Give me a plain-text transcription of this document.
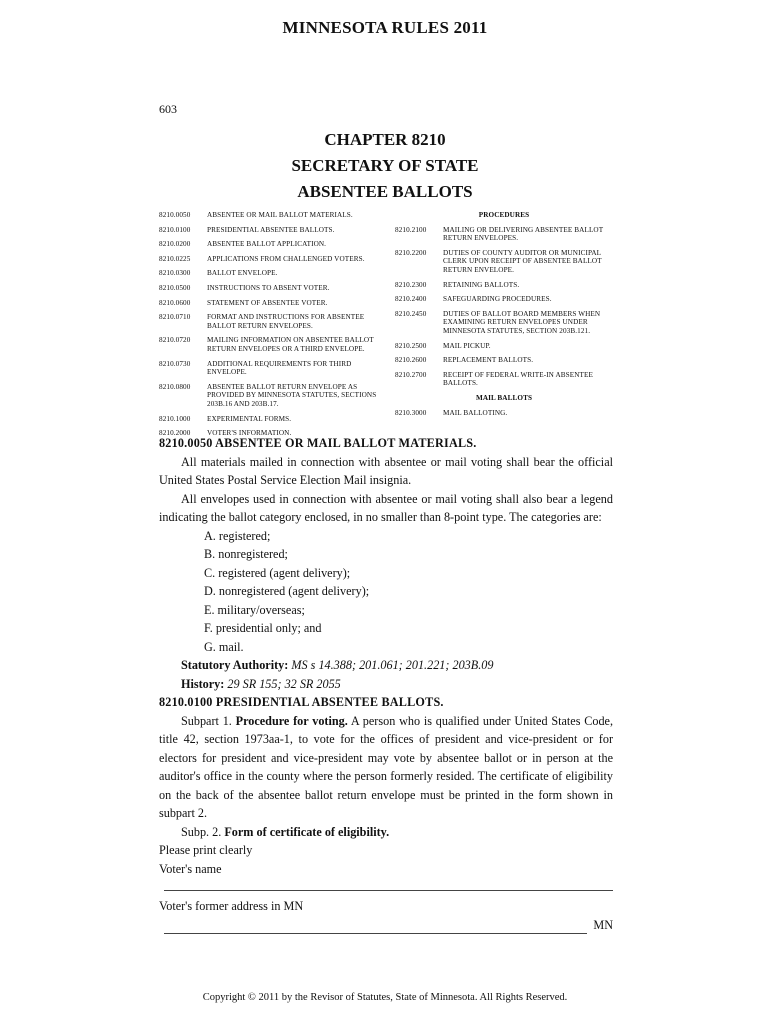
MINNESOTA RULES 2011
603
CHAPTER 8210
SECRETARY OF STATE
ABSENTEE BALLOTS
8210.0050	ABSENTEE OR MAIL BALLOT MATERIALS.
8210.0100	PRESIDENTIAL ABSENTEE BALLOTS.
8210.0200	ABSENTEE BALLOT APPLICATION.
8210.0225	APPLICATIONS FROM CHALLENGED VOTERS.
8210.0300	BALLOT ENVELOPE.
8210.0500	INSTRUCTIONS TO ABSENT VOTER.
8210.0600	STATEMENT OF ABSENTEE VOTER.
8210.0710	FORMAT AND INSTRUCTIONS FOR ABSENTEE BALLOT RETURN ENVELOPES.
8210.0720	MAILING INFORMATION ON ABSENTEE BALLOT RETURN ENVELOPES OR A THIRD ENVELOPE.
8210.0730	ADDITIONAL REQUIREMENTS FOR THIRD ENVELOPE.
8210.0800	ABSENTEE BALLOT RETURN ENVELOPE AS PROVIDED BY MINNESOTA STATUTES, SECTIONS 203B.16 AND 203B.17.
8210.1000	EXPERIMENTAL FORMS.
8210.2000	VOTER'S INFORMATION.
PROCEDURES
8210.2100	MAILING OR DELIVERING ABSENTEE BALLOT RETURN ENVELOPES.
8210.2200	DUTIES OF COUNTY AUDITOR OR MUNICIPAL CLERK UPON RECEIPT OF ABSENTEE BALLOT RETURN ENVELOPE.
8210.2300	RETAINING BALLOTS.
8210.2400	SAFEGUARDING PROCEDURES.
8210.2450	DUTIES OF BALLOT BOARD MEMBERS WHEN EXAMINING RETURN ENVELOPES UNDER MINNESOTA STATUTES, SECTION 203B.121.
8210.2500	MAIL PICKUP.
8210.2600	REPLACEMENT BALLOTS.
8210.2700	RECEIPT OF FEDERAL WRITE-IN ABSENTEE BALLOTS.
MAIL BALLOTS
8210.3000	MAIL BALLOTING.
8210.0050 ABSENTEE OR MAIL BALLOT MATERIALS.

All materials mailed in connection with absentee or mail voting shall bear the official United States Postal Service Election Mail insignia.

All envelopes used in connection with absentee or mail voting shall also bear a legend indicating the ballot category enclosed, in no smaller than 8-point type. The categories are:

A. registered;
B. nonregistered;
C. registered (agent delivery);
D. nonregistered (agent delivery);
E. military/overseas;
F. presidential only; and
G. mail.
Statutory Authority: MS s 14.388; 201.061; 201.221; 203B.09
History: 29 SR 155; 32 SR 2055
8210.0100 PRESIDENTIAL ABSENTEE BALLOTS.

Subpart 1. Procedure for voting. A person who is qualified under United States Code, title 42, section 1973aa-1, to vote for the offices of president and vice-president or for electors for president and vice-president may vote by absentee ballot or in person at the auditor's office in the county where the person formerly resided. The certificate of eligibility on the back of the absentee ballot return envelope must be printed in the form shown in subpart 2.

Subp. 2. Form of certificate of eligibility.

Please print clearly
Voter's name
Voter's former address in MN
MN
Copyright © 2011 by the Revisor of Statutes, State of Minnesota. All Rights Reserved.
